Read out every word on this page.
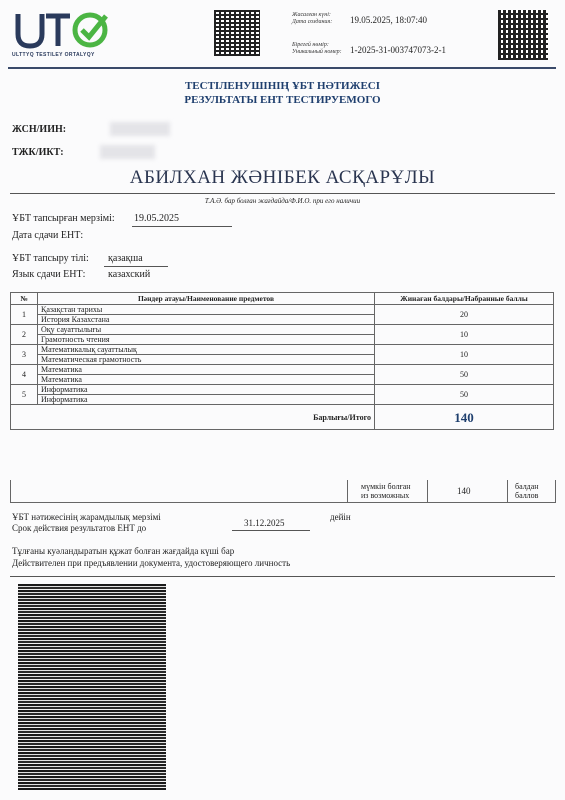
ULTTYQ TESTILEY ORTALYQY
Жасалған күні:
Дата создания:	19.05.2025, 18:07:40
Бірегей нөмір:
Уникальный номер: 1-2025-31-003747073-2-1
ТЕСТІЛЕНУШІНІҢ ҰБТ НӘТИЖЕСІ
РЕЗУЛЬТАТЫ ЕНТ ТЕСТИРУЕМОГО
ЖСН/ИИН:
ТЖК/ИКТ:
АБИЛХАН ЖӘНІБЕК АСҚАРҰЛЫ
Т.А.Ә. бар болған жағдайда/Ф.И.О. при его наличии
ҰБТ тапсырған мерзімі: 19.05.2025
Дата сдачи ЕНТ:
ҰБТ тапсыру тілі: қазақша
Язык сдачи ЕНТ: казахский
№	Пәндер атауы/Наименование предметов	Жинаған балдары/Набранные баллы
1	Қазақстан тарихы	20
	История Казахстана	
2	Оқу сауаттылығы	10
	Грамотность чтения	
3	Математикалық сауаттылық	10
	Математическая грамотность	
4	Математика	50
	Математика	
5	Информатика	50
	Информатика	
Барлығы/Итого		140
мүмкін болған
из возможных	140	балдан
баллов
ҰБТ нәтижесінің жарамдылық мерзімі
Срок действия результатов ЕНТ до	31.12.2025
дейін
Тұлғаны куәландыратын құжат болған жағдайда күші бар
Действителен при предъявлении документа, удостоверяющего личность
